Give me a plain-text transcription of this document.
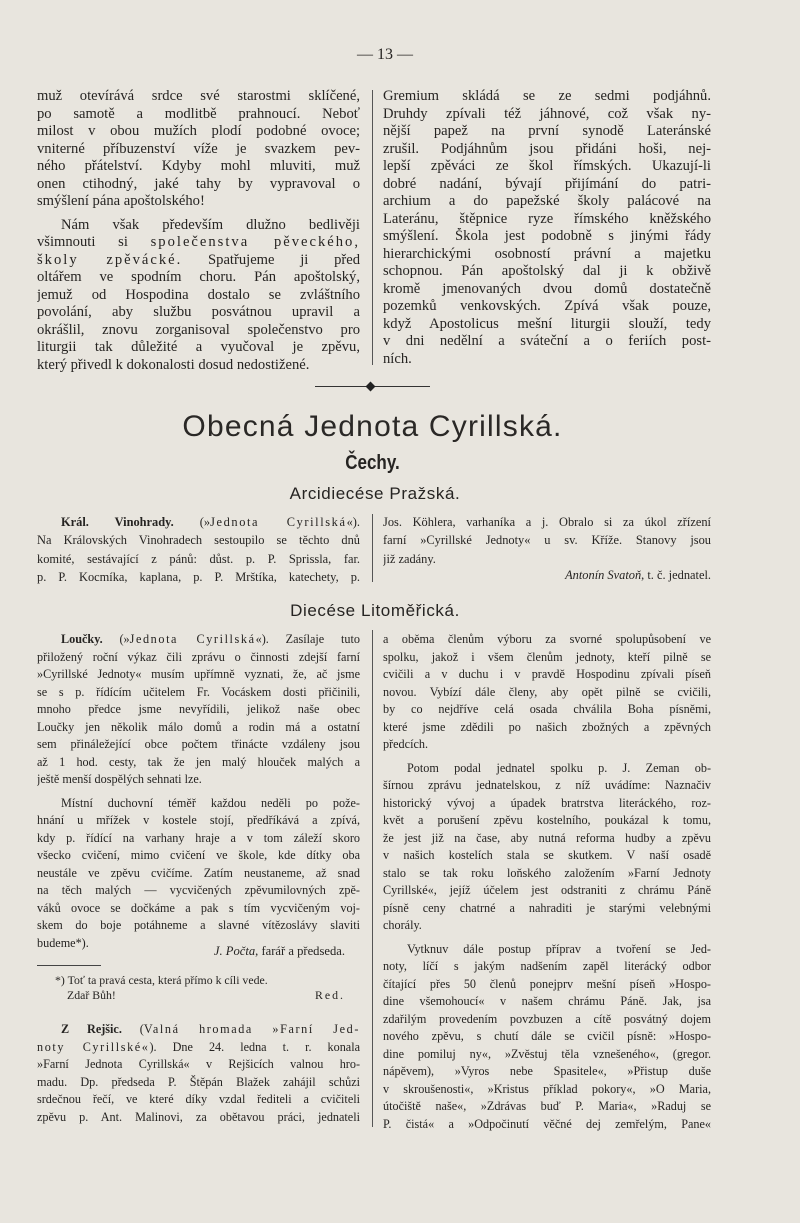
— 13 —
muž otevírává srdce své starostmi sklíčené,
po samotě a modlitbě prahnoucí. Neboť
milost v obou mužích plodí podobné ovoce;
vniterné příbuzenství víže je svazkem pev-
ného přátelství. Kdyby mohl mluviti, muž
onen ctihodný, jaké tahy by vypravoval o
smýšlení pána apoštolského!
Nám však především dlužno bedlivěji
všimnouti si společenstva pěveckého,
školy zpěvácké. Spatřujeme ji před
oltářem ve spodním choru. Pán apoštolský,
jemuž od Hospodina dostalo se zvláštního
povolání, aby službu posvátnou upravil a
okrášlil, znovu zorganisoval společenstvo pro
liturgii tak důležité a vyučoval je zpěvu,
který přivedl k dokonalosti dosud nedostižené.
Gremium skládá se ze sedmi podjáhnů.
Druhdy zpívali též jáhnové, což však ny-
nější papež na první synodě Lateránské
zrušil. Podjáhnům jsou přidáni hoši, nej-
lepší zpěváci ze škol římských. Ukazují-li
dobré nadání, bývají přijímání do patri-
archium a do papežské školy palácové na
Lateránu, štěpnice ryze římského kněžského
smýšlení. Škola jest podobně s jinými řády
hierarchickými osobností právní a majetku
schopnou. Pán apoštolský dal ji k obživě
kromě jmenovaných dvou domů dostatečně
pozemků venkovských. Zpívá však pouze,
když Apostolicus mešní liturgii slouží, tedy
v dni nedělní a sváteční a o feriích post-
ních.
Obecná Jednota Cyrillská.
Čechy.
Arcidiecése Pražská.
Král. Vinohrady. (»Jednota Cyrillská«).
Na Královských Vinohradech sestoupilo se těchto dnů
komité, sestávající z pánů: důst. p. P. Sprissla, far.
p. P. Kocmíka, kaplana, p. P. Mrštíka, katechety, p.
Jos. Köhlera, varhaníka a j. Obralo si za úkol zřízení
farní »Cyrillské Jednoty« u sv. Kříže. Stanovy jsou
již zadány.
Antonín Svatoň, t. č. jednatel.
Diecése Litoměřická.
Loučky. (»Jednota Cyrillská«). Zasílaje tuto
přiložený roční výkaz čili zprávu o činnosti zdejší farní
»Cyrillské Jednoty« musím upřímně vyznati, že, ač jsme
se s p. řídícím učitelem Fr. Vocáskem dosti přičinili,
mnoho předce jsme nevyřídili, jelikož naše obec
Loučky jen několik málo domů a rodin má a ostatní
sem přináležející obce počtem třinácte vzdáleny jsou
až 1 hod. cesty, tak že jen malý hlouček malých a
ještě menší dospělých sehnati lze.
Místní duchovní téměř každou neděli po pože-
hnání u mřížek v kostele stojí, předříkává a zpívá,
kdy p. řídící na varhany hraje a v tom záleží skoro
všecko cvičení, mimo cvičení ve škole, kde dítky oba
neustále ve zpěvu cvičíme. Zatím neustaneme, až snad
na těch malých — vycvičených zpěvumilovných zpě-
váků ovoce se dočkáme a pak s tím vycvičeným voj-
skem do boje potáhneme a slavné vítězoslávy slaviti
budeme*).
J. Počta, farář a předseda.
*) Toť ta pravá cesta, která přímo k cíli vede.
Zdař Bůh!	Red.
Z Rejšic. (Valná hromada »Farní Jed-
noty Cyrillské«). Dne 24. ledna t. r. konala
»Farní Jednota Cyrillská« v Rejšicích valnou hro-
madu. Dp. předseda P. Štěpán Blažek zahájil schůzi
srdečnou řečí, ve které díky vzdal řediteli a cvičiteli
zpěvu p. Ant. Malinovi, za obětavou práci, jednateli
a oběma členům výboru za svorné spolupůsobení ve
spolku, jakož i všem členům jednoty, kteří pilně se
cvičili a v duchu i v pravdě Hospodinu zpívali píseň
novou. Vybízí dále členy, aby opět pilně se cvičili,
by co nejdříve celá osada chválila Boha písněmi,
které jsme zdědili po našich zbožných a zpěvných
předcích.
Potom podal jednatel spolku p. J. Zeman ob-
šírnou zprávu jednatelskou, z níž uvádíme: Naznačiv
historický vývoj a úpadek bratrstva literáckého, roz-
květ a porušení zpěvu kostelního, poukázal k tomu,
že jest již na čase, aby nutná reforma hudby a zpěvu
v našich kostelích stala se skutkem. V naší osadě
stalo se tak roku loňského založením »Farní Jednoty
Cyrillské«, jejíž účelem jest odstraniti z chrámu Páně
písně ceny chatrné a nahraditi je starými velebnými
chorály.
Vytknuv dále postup příprav a tvoření se Jed-
noty, líčí s jakým nadšením zapěl literácký odbor
čítající přes 50 členů ponejprv mešní píseň »Hospo-
dine všemohoucí« v našem chrámu Páně. Jak, jsa
zdařilým provedením povzbuzen a cítě posvátný dojem
nového zpěvu, s chutí dále se cvičil písně: »Hospo-
dine pomiluj ny«, »Zvěstuj těla vznešeného«, (gregor.
nápěvem), »Vyros nebe Spasitele«, »Přistup duše
v skroušenosti«, »Kristus příklad pokory«, »O Maria,
útočiště naše«, »Zdrávas buď P. Maria«, »Raduj se
P. čistá« a »Odpočinutí věčné dej zemřelým, Pane«
